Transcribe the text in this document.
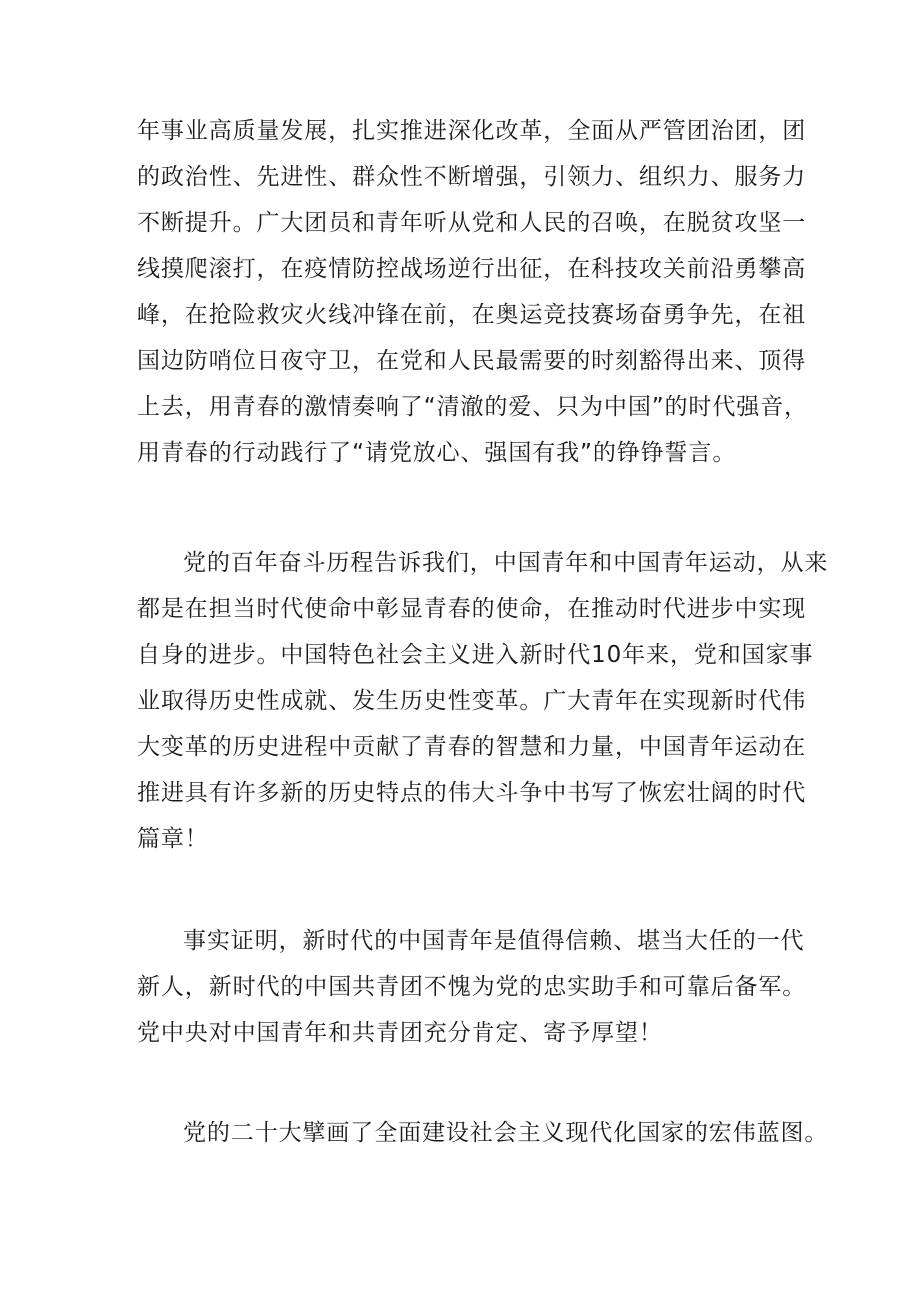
年事业高质量发展，扎实推进深化改革，全面从严管团治团，团
的政治性、先进性、群众性不断增强，引领力、组织力、服务力
不断提升。广大团员和青年听从党和人民的召唤，在脱贫攻坚一
线摸爬滚打，在疫情防控战场逆行出征，在科技攻关前沿勇攀高
峰，在抢险救灾火线冲锋在前，在奥运竞技赛场奋勇争先，在祖
国边防哨位日夜守卫，在党和人民最需要的时刻豁得出来、顶得
上去，用青春的激情奏响了“清澈的爱、只为中国”的时代强音，
用青春的行动践行了“请党放心、强国有我”的铮铮誓言。

党的百年奋斗历程告诉我们，中国青年和中国青年运动，从来
都是在担当时代使命中彰显青春的使命，在推动时代进步中实现
自身的进步。中国特色社会主义进入新时代10年来，党和国家事
业取得历史性成就、发生历史性变革。广大青年在实现新时代伟
大变革的历史进程中贡献了青春的智慧和力量，中国青年运动在
推进具有许多新的历史特点的伟大斗争中书写了恢宏壮阔的时代
篇章！

事实证明，新时代的中国青年是值得信赖、堪当大任的一代
新人，新时代的中国共青团不愧为党的忠实助手和可靠后备军。
党中央对中国青年和共青团充分肯定、寄予厚望！

党的二十大擘画了全面建设社会主义现代化国家的宏伟蓝图。
